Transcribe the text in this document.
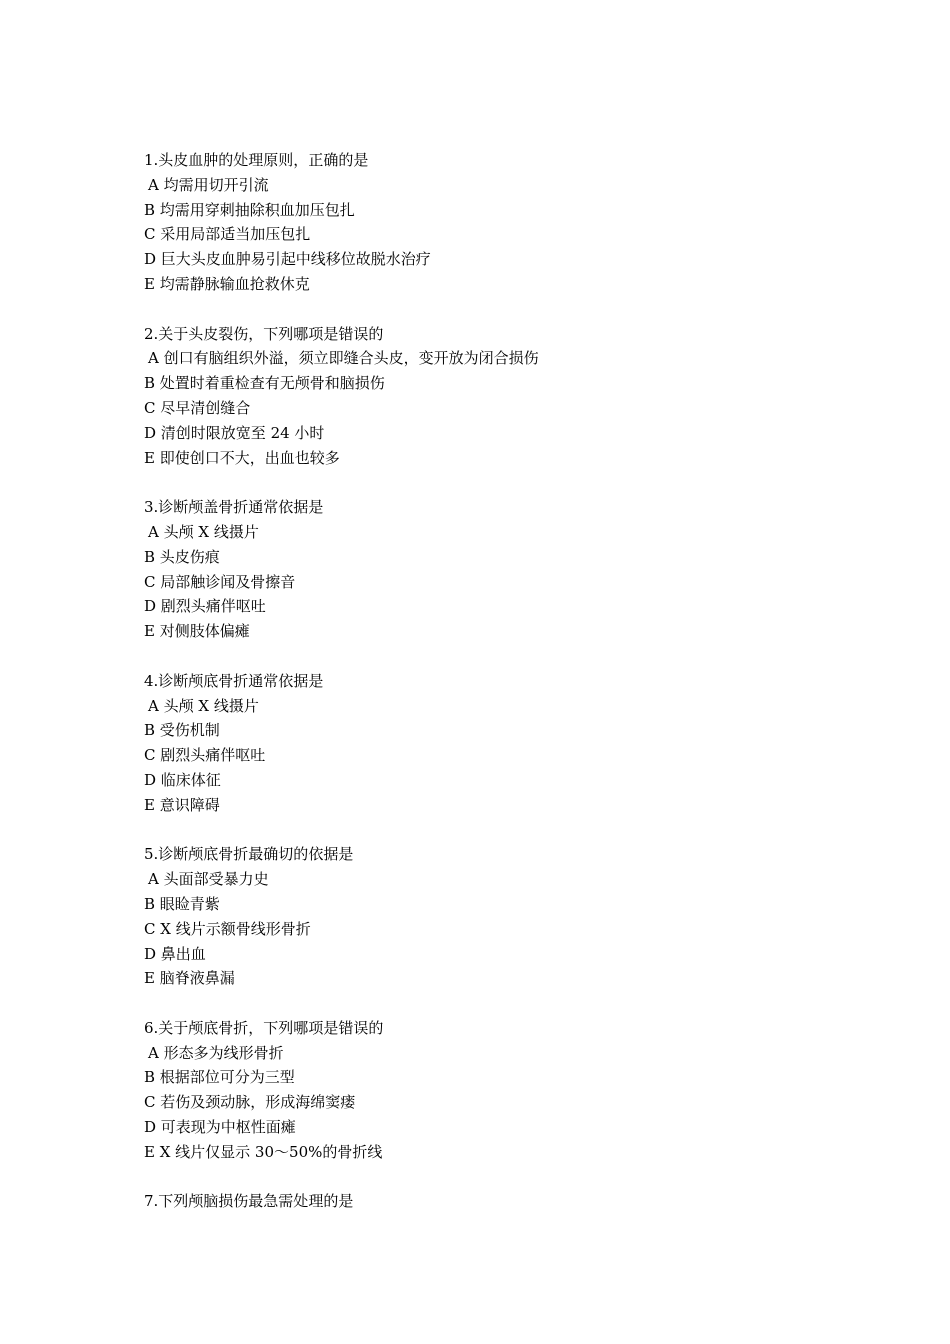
1.头皮血肿的处理原则，正确的是
A 均需用切开引流
B 均需用穿刺抽除积血加压包扎
C 采用局部适当加压包扎
D 巨大头皮血肿易引起中线移位故脱水治疗
E 均需静脉输血抢救休克
2.关于头皮裂伤，下列哪项是错误的
A 创口有脑组织外溢，须立即缝合头皮，变开放为闭合损伤
B 处置时着重检查有无颅骨和脑损伤
C 尽早清创缝合
D 清创时限放宽至 24 小时
E 即使创口不大，出血也较多
3.诊断颅盖骨折通常依据是
A 头颅 X 线摄片
B 头皮伤痕
C 局部触诊闻及骨擦音
D 剧烈头痛伴呕吐
E 对侧肢体偏瘫
4.诊断颅底骨折通常依据是
A 头颅 X 线摄片
B 受伤机制
C 剧烈头痛伴呕吐
D 临床体征
E 意识障碍
5.诊断颅底骨折最确切的依据是
A 头面部受暴力史
B 眼睑青紫
C X 线片示额骨线形骨折
D 鼻出血
E 脑脊液鼻漏
6.关于颅底骨折，下列哪项是错误的
A 形态多为线形骨折
B 根据部位可分为三型
C 若伤及颈动脉，形成海绵窦瘘
D 可表现为中枢性面瘫
E X 线片仅显示 30～50%的骨折线
7.下列颅脑损伤最急需处理的是
